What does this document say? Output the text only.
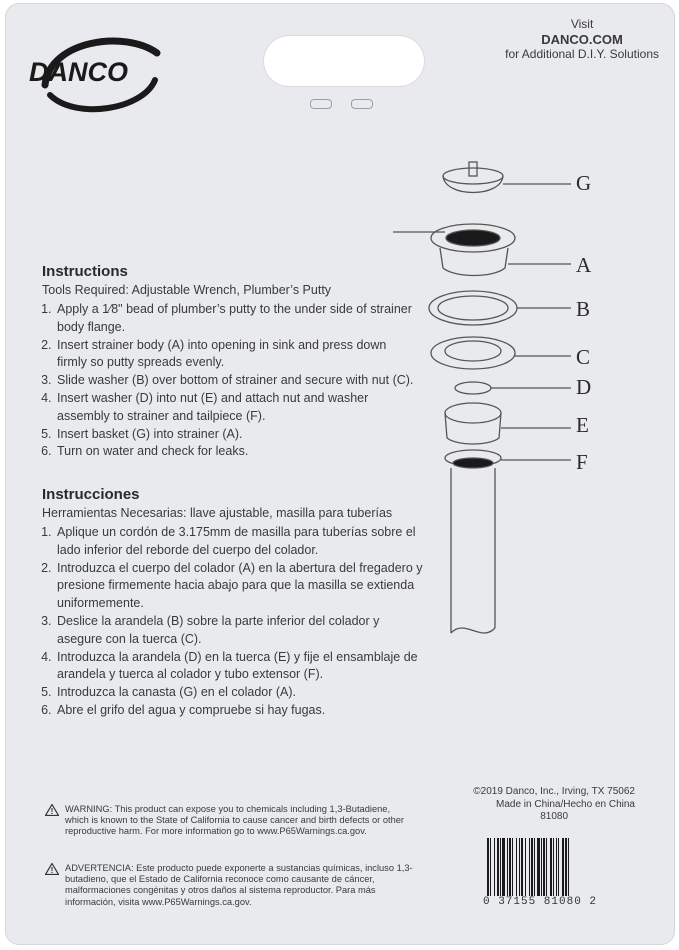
DANCO
Visit
DANCO.COM
for Additional D.I.Y. Solutions
G
A
B
C
D
E
F
Instructions
Tools Required: Adjustable Wrench, Plumber’s Putty
1. Apply a 1⁄8" bead of plumber’s putty to the under side of strainer body flange.
2. Insert strainer body (A) into opening in sink and press down firmly so putty spreads evenly.
3. Slide washer (B) over bottom of strainer and secure with nut (C).
4. Insert washer (D) into nut (E) and attach nut and washer assembly to strainer and tailpiece (F).
5. Insert basket (G) into strainer (A).
6. Turn on water and check for leaks.
Instrucciones
Herramientas Necesarias: llave ajustable, masilla para tuberías
1. Aplique un cordón de 3.175mm de masilla para tuberías sobre el lado inferior del reborde del cuerpo del colador.
2. Introduzca el cuerpo del colador (A) en la abertura del fregadero y presione firmemente hacia abajo para que la masilla se extienda uniformemente.
3. Deslice la arandela (B) sobre la parte inferior del colador y asegure con la tuerca (C).
4. Introduzca la arandela (D) en la tuerca (E) y fije el ensamblaje de arandela y tuerca al colador y tubo extensor (F).
5. Introduzca la canasta (G) en el colador (A).
6. Abre el grifo del agua y compruebe si hay fugas.
©2019 Danco, Inc., Irving, TX 75062
Made in China/Hecho en China
81080
!	WARNING: This product can expose you to chemicals including 1,3-Butadiene, which is known to the State of California to cause cancer and birth defects or other reproductive harm. For more information go to www.P65Warnings.ca.gov.
!	ADVERTENCIA: Este producto puede exponerte a sustancias químicas, incluso 1,3-butadieno, que el Estado de California reconoce como causante de cáncer, malformaciones congénitas y otros daños al sistema reproductor. Para más información, visita www.P65Warnings.ca.gov.	0 37155 81080 2
